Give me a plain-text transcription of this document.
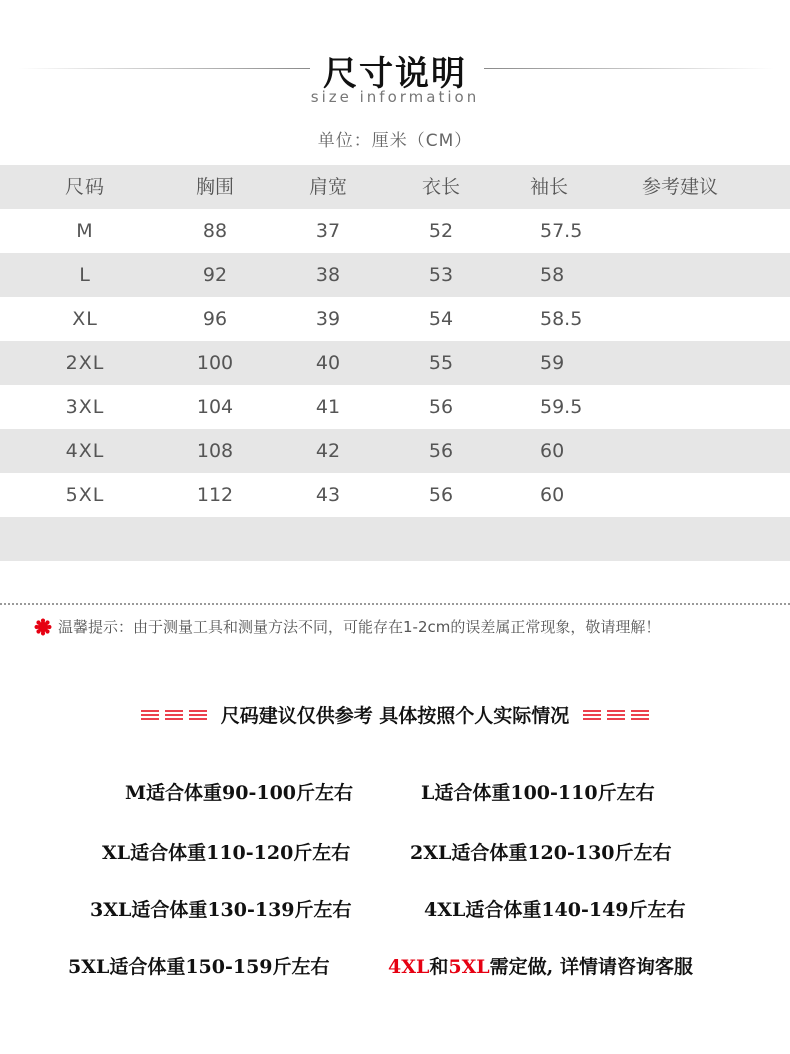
尺寸说明
size information
单位：厘米（CM）
尺码	胸围	肩宽	衣长	袖长	参考建议
M	88	37	52	57.5
L	92	38	53	58
XL	96	39	54	58.5
2XL	100	40	55	59
3XL	104	41	56	59.5
4XL	108	42	56	60
5XL	112	43	56	60
温馨提示：由于测量工具和测量方法不同，可能存在1-2cm的误差属正常现象，敬请理解！
尺码建议仅供参考 具体按照个人实际情况
M适合体重90-100斤左右	L适合体重100-110斤左右
XL适合体重110-120斤左右	2XL适合体重120-130斤左右
3XL适合体重130-139斤左右	4XL适合体重140-149斤左右
5XL适合体重150-159斤左右	4XL和5XL需定做, 详情请咨询客服
